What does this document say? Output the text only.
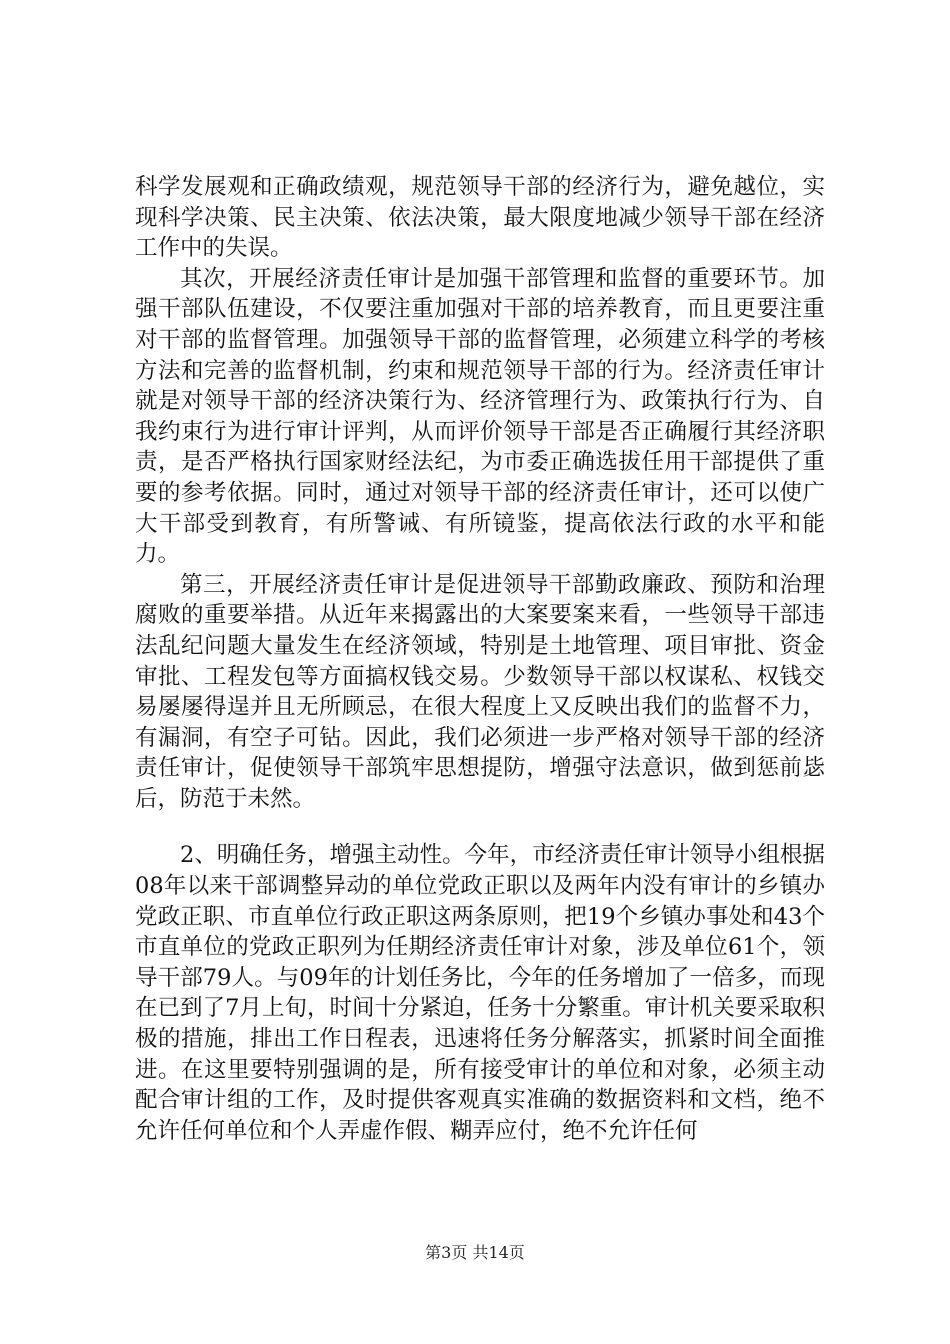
科学发展观和正确政绩观，规范领导干部的经济行为，避免越位，实现科学决策、民主决策、依法决策，最大限度地减少领导干部在经济工作中的失误。

其次，开展经济责任审计是加强干部管理和监督的重要环节。加强干部队伍建设，不仅要注重加强对干部的培养教育，而且更要注重对干部的监督管理。加强领导干部的监督管理，必须建立科学的考核方法和完善的监督机制，约束和规范领导干部的行为。经济责任审计就是对领导干部的经济决策行为、经济管理行为、政策执行行为、自我约束行为进行审计评判，从而评价领导干部是否正确履行其经济职责，是否严格执行国家财经法纪，为市委正确选拔任用干部提供了重要的参考依据。同时，通过对领导干部的经济责任审计，还可以使广大干部受到教育，有所警诫、有所镜鉴，提高依法行政的水平和能力。

第三，开展经济责任审计是促进领导干部勤政廉政、预防和治理腐败的重要举措。从近年来揭露出的大案要案来看，一些领导干部违法乱纪问题大量发生在经济领域，特别是土地管理、项目审批、资金审批、工程发包等方面搞权钱交易。少数领导干部以权谋私、权钱交易屡屡得逞并且无所顾忌，在很大程度上又反映出我们的监督不力，有漏洞，有空子可钻。因此，我们必须进一步严格对领导干部的经济责任审计，促使领导干部筑牢思想提防，增强守法意识，做到惩前毖后，防范于未然。

2、明确任务，增强主动性。今年，市经济责任审计领导小组根据08年以来干部调整异动的单位党政正职以及两年内没有审计的乡镇办党政正职、市直单位行政正职这两条原则，把19个乡镇办事处和43个市直单位的党政正职列为任期经济责任审计对象，涉及单位61个，领导干部79人。与09年的计划任务比，今年的任务增加了一倍多，而现在已到了7月上旬，时间十分紧迫，任务十分繁重。审计机关要采取积极的措施，排出工作日程表，迅速将任务分解落实，抓紧时间全面推进。在这里要特别强调的是，所有接受审计的单位和对象，必须主动配合审计组的工作，及时提供客观真实准确的数据资料和文档，绝不允许任何单位和个人弄虚作假、糊弄应付，绝不允许任何

第3页 共14页
